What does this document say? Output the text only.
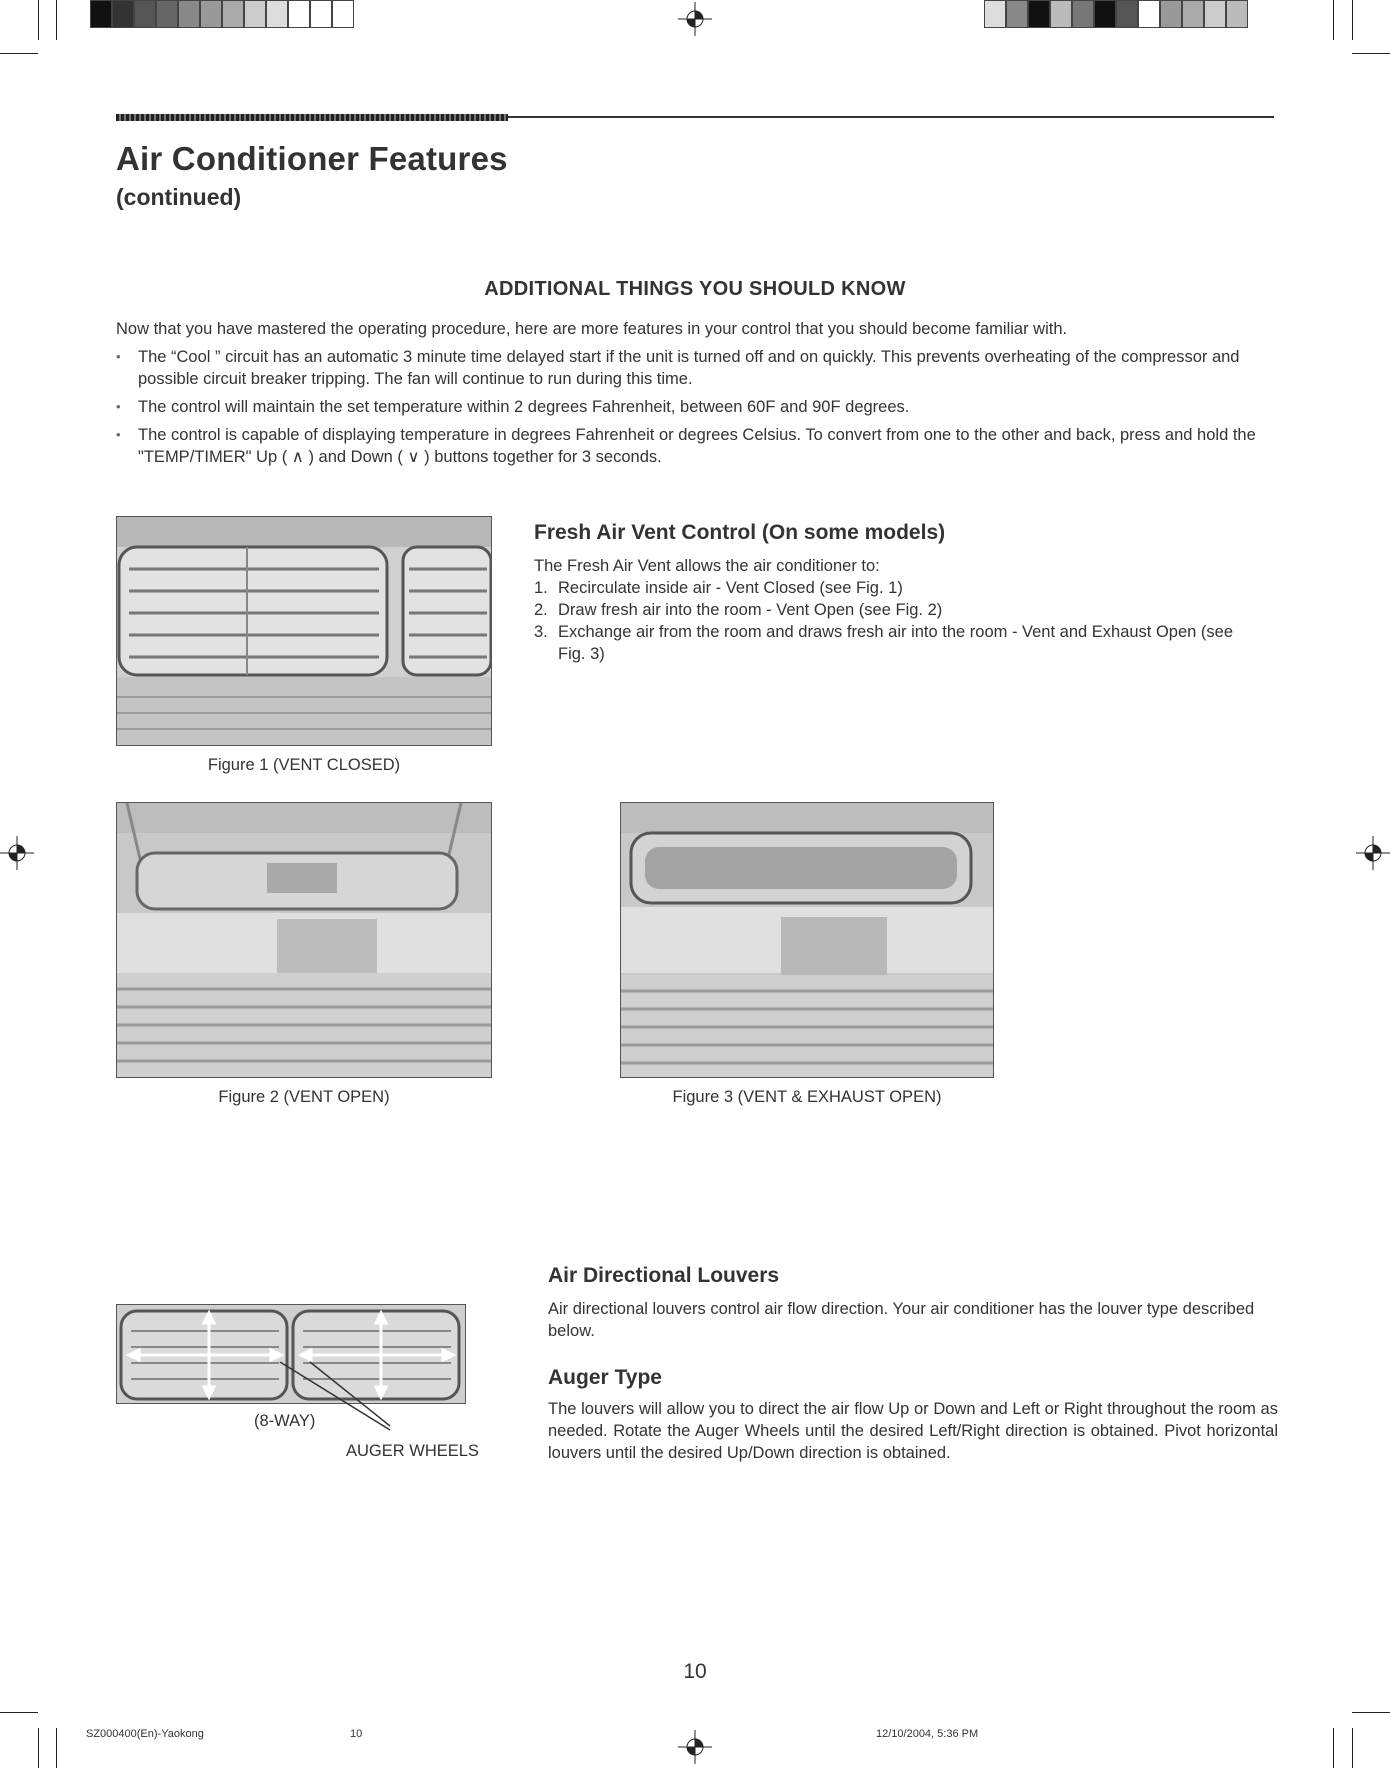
Air Conditioner Features
(continued)
ADDITIONAL THINGS YOU SHOULD KNOW
Now that you have mastered the operating procedure, here are more features in your control that you should become familiar with.
• The “Cool ” circuit has an automatic 3 minute time delayed start if the unit is turned off and on quickly. This prevents overheating of the compressor and possible circuit breaker tripping. The fan will continue to run during this time.
• The control will maintain the set temperature within 2 degrees Fahrenheit, between 60F and 90F degrees.
• The control is capable of displaying temperature in degrees Fahrenheit or degrees Celsius. To convert from one to the other and back, press and hold the "TEMP/TIMER" Up ( ∧ ) and Down ( ∨ ) buttons together for 3 seconds.
Figure 1 (VENT CLOSED)
Fresh Air Vent Control (On some models)
The Fresh Air Vent allows the air conditioner to:
1. Recirculate inside air - Vent Closed (see Fig. 1)
2. Draw fresh air into the room - Vent Open (see Fig. 2)
3. Exchange air from the room and draws fresh air into the room - Vent and Exhaust Open (see Fig. 3)
Figure 2 (VENT OPEN)	Figure 3 (VENT & EXHAUST OPEN)
(8-WAY)
AUGER WHEELS
Air Directional Louvers
Air directional louvers control air flow direction. Your air conditioner has the louver type described below.
Auger Type
The louvers will allow you to direct the air flow Up or Down and Left or Right throughout the room as needed. Rotate the Auger Wheels until the desired Left/Right direction is obtained. Pivot horizontal louvers until the desired Up/Down direction is obtained.
10
SZ000400(En)-Yaokong	10	12/10/2004, 5:36 PM
